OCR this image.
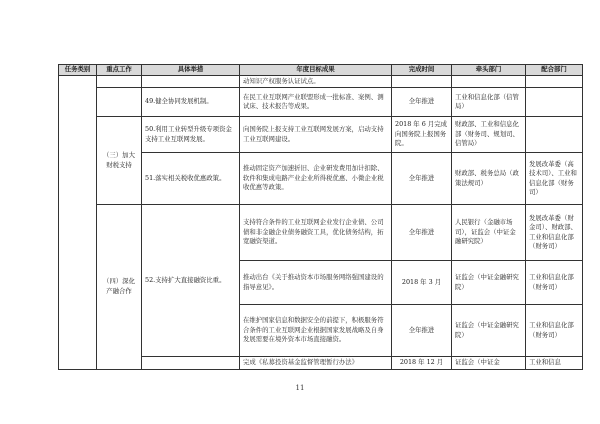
任务类别	重点工作	具体举措	年度目标成果	完成时间	牵头部门	配合部门
			动知识产权服务认证试点。			
		49.健全协同发展机制。	在民工业互联网产业联盟形成一批标准、案例、测试床、技术报告等成果。	全年推进	工业和信息化部（信管局）	
	（三）加大财税支持	50.利用工业转型升级专项资金支持工业互联网发展。	向国务院上报支持工业互联网发展方案，启动支持工业互联网建设。	2018 年 6 月完成向国务院上报国务院。	财政部、工业和信息化部（财务司、规划司、信管局）	
		51.落实相关税收优惠政策。	推动固定资产加速折旧、企业研发费用加计扣除、软件和集成电路产业企业所得税优惠、小微企业税收优惠等政策。	全年推进	财政部、税务总局（政策法规司）	发展改革委（高技术司）、工业和信息化部（财务司）
	（四）深化产融合作	52.支持扩大直接融资比重。	支持符合条件的工业互联网企业发行企业债、公司债和非金融企业债务融资工具，优化债务结构，拓宽融资渠道。	全年推进	人民银行（金融市场司），证监会（中证金融研究院）	发展改革委（财金司）、财政部、工业和信息化部（财务司）
			推动出台《关于推动资本市场服务网络强国建设的指导意见》。	2018 年 3 月	证监会（中证金融研究院）	工业和信息化部（财务司）
			在维护国家信息和数据安全的前提下，积极服务符合条件的工业互联网企业根据国家发展战略及自身发展需要在境外资本市场直接融资。	全年推进	证监会（中证金融研究院）	工业和信息化部（财务司）
			完成《私募投资基金监督管理暂行办法》	2018 年 12 月	证监会（中证金	工业和信息
11
